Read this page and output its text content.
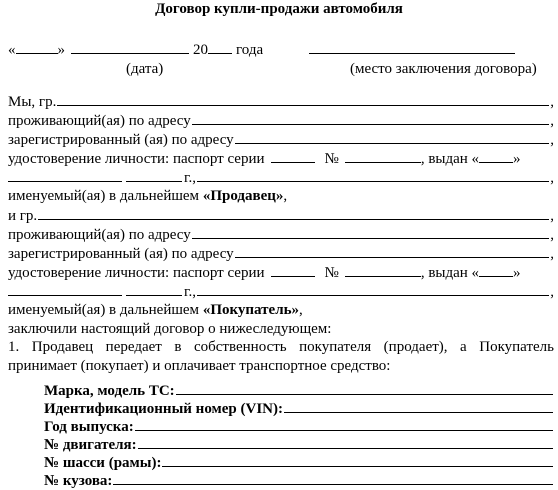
Договор купли-продажи автомобиля
«	»	20 года
(дата)	(место заключения договора)
Мы, гр.	,
проживающий(ая) по адресу	,
зарегистрированный (ая) по адресу	,
удостоверение личности: паспорт серии	№	, выдан « »
г.,	,
именуемый(ая) в дальнейшем
«Продавец» ,
и гр.	,
проживающий(ая) по адресу	,
зарегистрированный (ая) по адресу	,
удостоверение личности: паспорт серии	№	, выдан « »
г.,	,
именуемый(ая) в дальнейшем
«Покупатель» ,
заключили настоящий договор о нижеследующем:
1. Продавец передает в собственность покупателя (продает), а Покупатель принимает (покупает) и оплачивает транспортное средство:
Марка, модель ТС:
Идентификационный номер (VIN):
Год выпуска:
№ двигателя:
№ шасси (рамы):
№ кузова:
